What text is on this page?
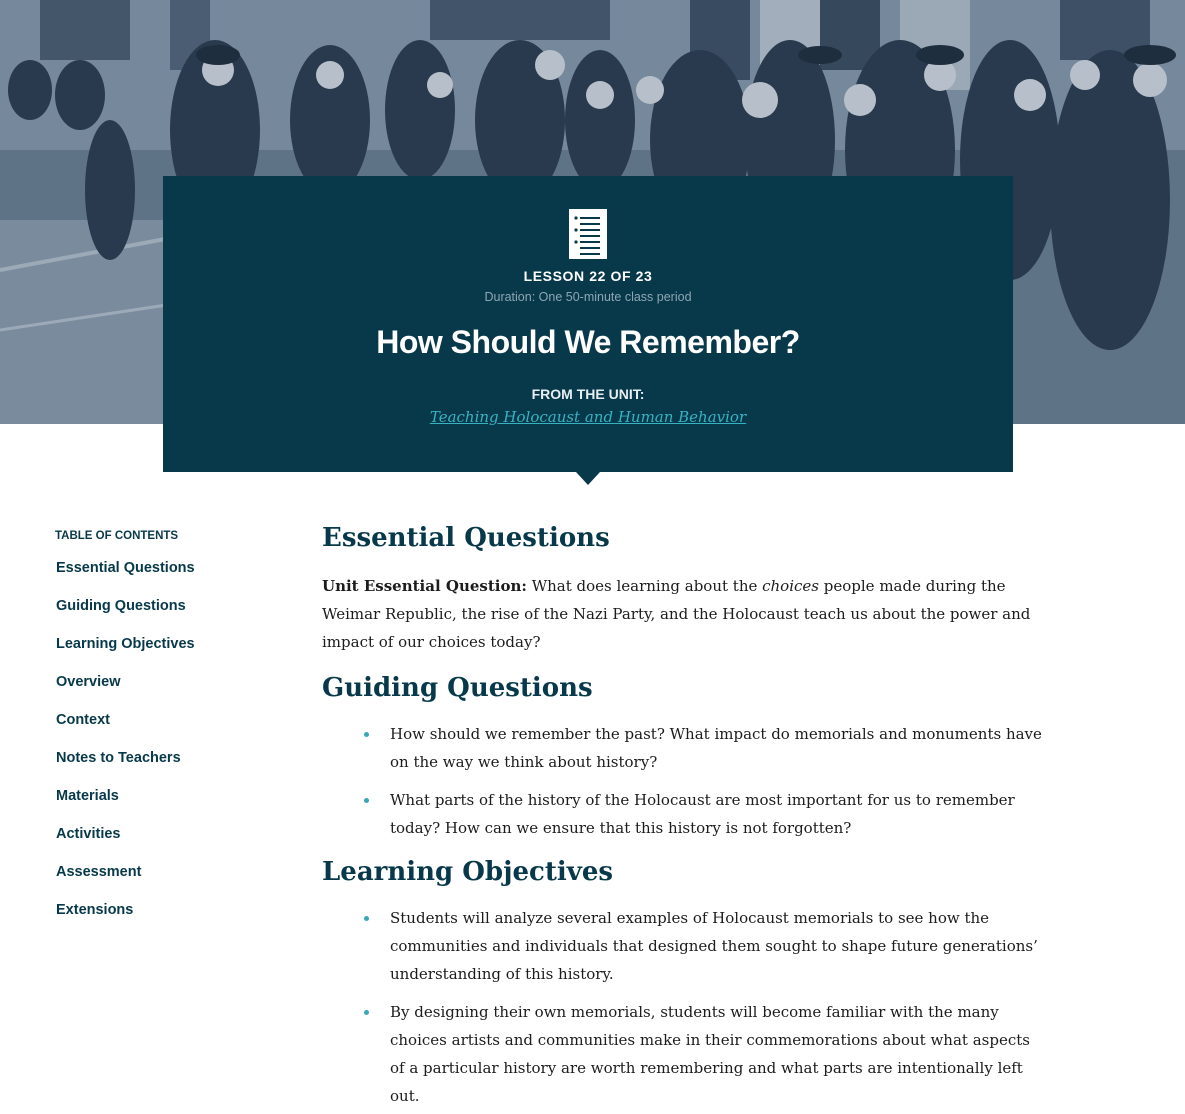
LESSON 22 OF 23
Duration: One 50-minute class period
How Should We Remember?
FROM THE UNIT:
Teaching Holocaust and Human Behavior
TABLE OF CONTENTS
Essential Questions
Guiding Questions
Learning Objectives
Overview
Context
Notes to Teachers
Materials
Activities
Assessment
Extensions
Essential Questions

Unit Essential Question: What does learning about the choices people made during the Weimar Republic, the rise of the Nazi Party, and the Holocaust teach us about the power and impact of our choices today?

Guiding Questions
How should we remember the past? What impact do memorials and monuments have on the way we think about history?
What parts of the history of the Holocaust are most important for us to remember today? How can we ensure that this history is not forgotten?
Learning Objectives
Students will analyze several examples of Holocaust memorials to see how the communities and individuals that designed them sought to shape future generations’ understanding of this history.
By designing their own memorials, students will become familiar with the many choices artists and communities make in their commemorations about what aspects of a particular history are worth remembering and what parts are intentionally left out.
